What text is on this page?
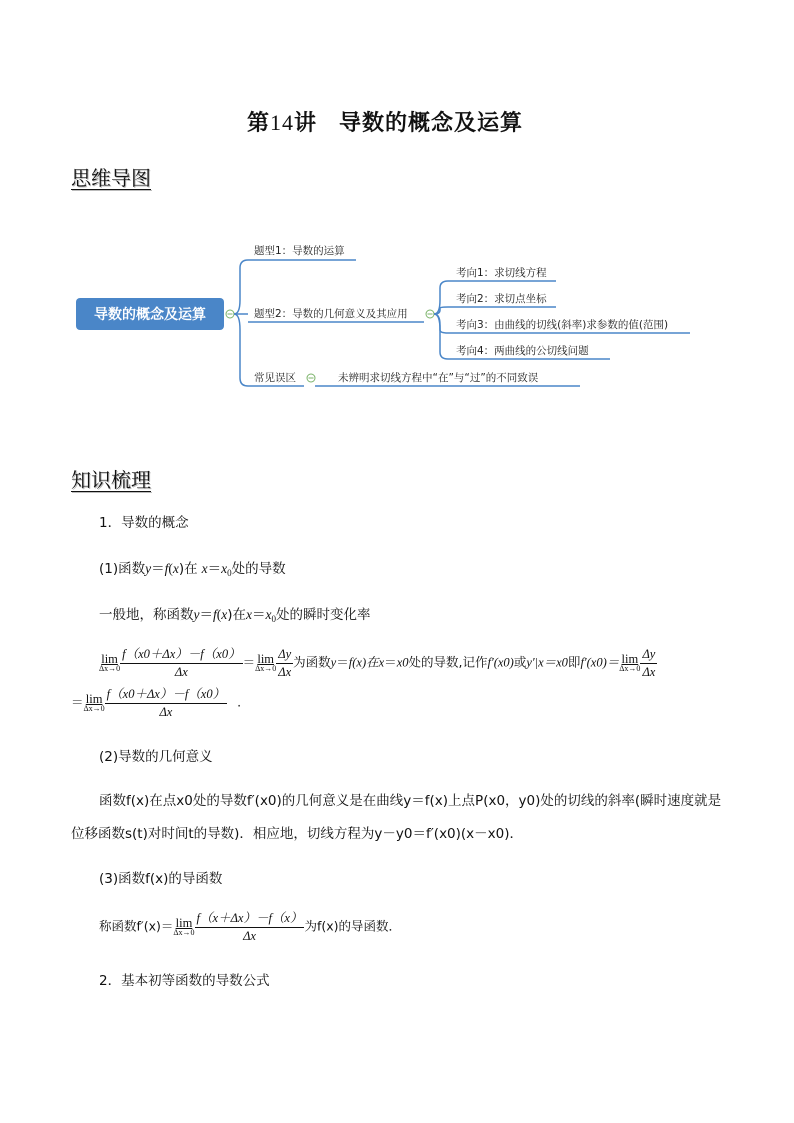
第14讲 导数的概念及运算
思维导图
导数的概念及运算
题型1：导数的运算
题型2：导数的几何意义及其应用
考向1：求切线方程
考向2：求切点坐标
考向3：由曲线的切线(斜率)求参数的值(范围)
考向4：两曲线的公切线问题
常见误区	未辨明求切线方程中“在”与“过”的不同致误
知识梳理
1．导数的概念
(1)函数y＝f(x)在 $x=x_0$处的导数
一般地，称函数y＝f(x)在$x=x_0$处的瞬时变化率
lim
$\Delta x\to 0 \frac{f(x0+\Delta x)-f(x0)}{\Delta x} = \lim$
$\Delta x\to 0 \frac{\Delta y}{\Delta x}$ 为函数y＝f(x)在x＝x0处的导数,记作f′(x0)或y′|x＝x0即f′(x0)＝ lim
$\Delta x\to 0 \frac{\Delta y}{\Delta x}$
＝ lim
$\Delta x\to 0 \frac{f(x0+\Delta x)-f(x0)}{\Delta x}$ .
(2)导数的几何意义
函数f(x)在点x0处的导数f′(x0)的几何意义是在曲线y＝f(x)上点P(x0，y0)处的切线的斜率(瞬时速度就是
位移函数s(t)对时间t的导数)．相应地，切线方程为y－y0＝f′(x0)(x－x0)．
(3)函数f(x)的导函数
称函数f′(x)＝ lim
$\Delta x\to 0 \frac{f(x+\Delta x)-f(x)}{\Delta x}$ 为f(x)的导函数．
2．基本初等函数的导数公式
